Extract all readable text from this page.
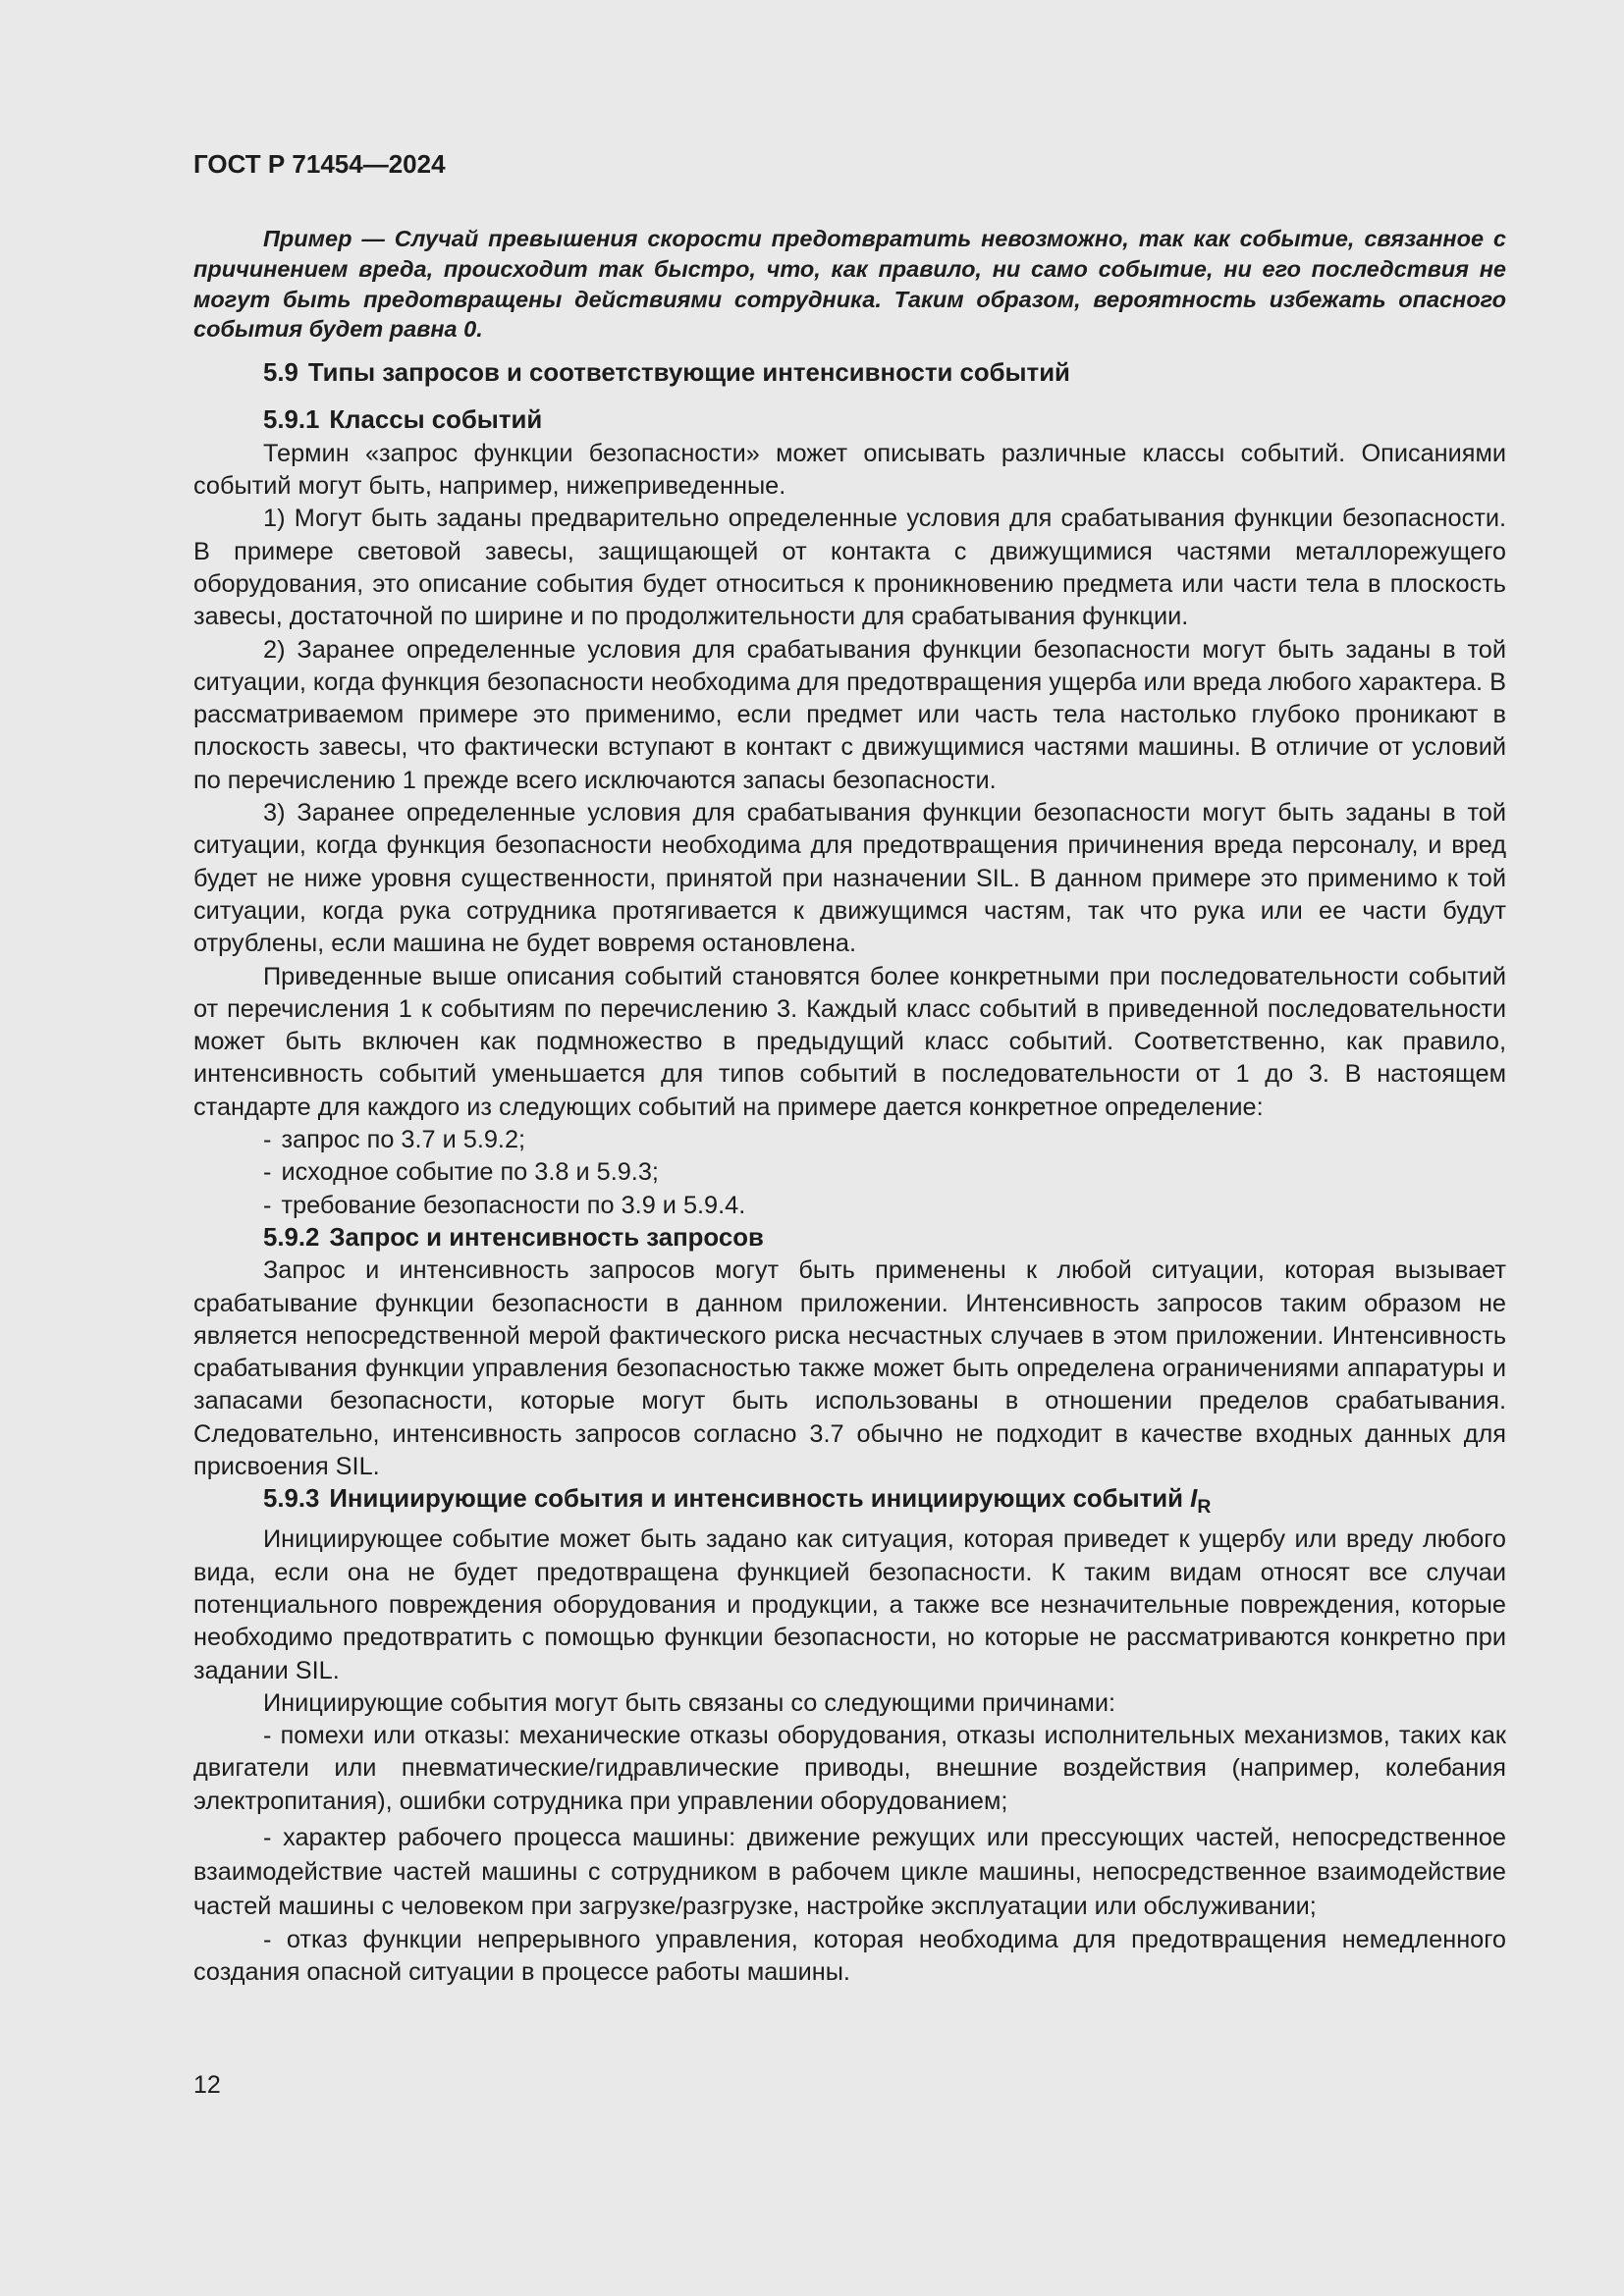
ГОСТ Р 71454—2024

Пример — Случай превышения скорости предотвратить невозможно, так как событие, связанное с причинением вреда, происходит так быстро, что, как правило, ни само событие, ни его последствия не могут быть предотвращены действиями сотрудника. Таким образом, вероятность избежать опасного события будет равна 0.

5.9 Типы запросов и соответствующие интенсивности событий
5.9.1 Классы событий

Термин «запрос функции безопасности» может описывать различные классы событий. Описаниями событий могут быть, например, нижеприведенные.

1) Могут быть заданы предварительно определенные условия для срабатывания функции безопасности. В примере световой завесы, защищающей от контакта с движущимися частями металлорежущего оборудования, это описание события будет относиться к проникновению предмета или части тела в плоскость завесы, достаточной по ширине и по продолжительности для срабатывания функции.

2) Заранее определенные условия для срабатывания функции безопасности могут быть заданы в той ситуации, когда функция безопасности необходима для предотвращения ущерба или вреда любого характера. В рассматриваемом примере это применимо, если предмет или часть тела настолько глубоко проникают в плоскость завесы, что фактически вступают в контакт с движущимися частями машины. В отличие от условий по перечислению 1 прежде всего исключаются запасы безопасности.

3) Заранее определенные условия для срабатывания функции безопасности могут быть заданы в той ситуации, когда функция безопасности необходима для предотвращения причинения вреда персоналу, и вред будет не ниже уровня существенности, принятой при назначении SIL. В данном примере это применимо к той ситуации, когда рука сотрудника протягивается к движущимся частям, так что рука или ее части будут отрублены, если машина не будет вовремя остановлена.

Приведенные выше описания событий становятся более конкретными при последовательности событий от перечисления 1 к событиям по перечислению 3. Каждый класс событий в приведенной последовательности может быть включен как подмножество в предыдущий класс событий. Соответственно, как правило, интенсивность событий уменьшается для типов событий в последовательности от 1 до 3. В настоящем стандарте для каждого из следующих событий на примере дается конкретное определение:

- запрос по 3.7 и 5.9.2;
- исходное событие по 3.8 и 5.9.3;
- требование безопасности по 3.9 и 5.9.4.
5.9.2 Запрос и интенсивность запросов

Запрос и интенсивность запросов могут быть применены к любой ситуации, которая вызывает срабатывание функции безопасности в данном приложении. Интенсивность запросов таким образом не является непосредственной мерой фактического риска несчастных случаев в этом приложении. Интенсивность срабатывания функции управления безопасностью также может быть определена ограничениями аппаратуры и запасами безопасности, которые могут быть использованы в отношении пределов срабатывания. Следовательно, интенсивность запросов согласно 3.7 обычно не подходит в качестве входных данных для присвоения SIL.

5.9.3 Инициирующие события и интенсивность инициирующих событий $I_R$

Инициирующее событие может быть задано как ситуация, которая приведет к ущербу или вреду любого вида, если она не будет предотвращена функцией безопасности. К таким видам относят все случаи потенциального повреждения оборудования и продукции, а также все незначительные повреждения, которые необходимо предотвратить с помощью функции безопасности, но которые не рассматриваются конкретно при задании SIL.

Инициирующие события могут быть связаны со следующими причинами:

- помехи или отказы: механические отказы оборудования, отказы исполнительных механизмов, таких как двигатели или пневматические/гидравлические приводы, внешние воздействия (например, колебания электропитания), ошибки сотрудника при управлении оборудованием;

- характер рабочего процесса машины: движение режущих или прессующих частей, непосредственное взаимодействие частей машины с сотрудником в рабочем цикле машины, непосредственное взаимодействие частей машины с человеком при загрузке/разгрузке, настройке эксплуатации или обслуживании;

- отказ функции непрерывного управления, которая необходима для предотвращения немедленного создания опасной ситуации в процессе работы машины.

12
